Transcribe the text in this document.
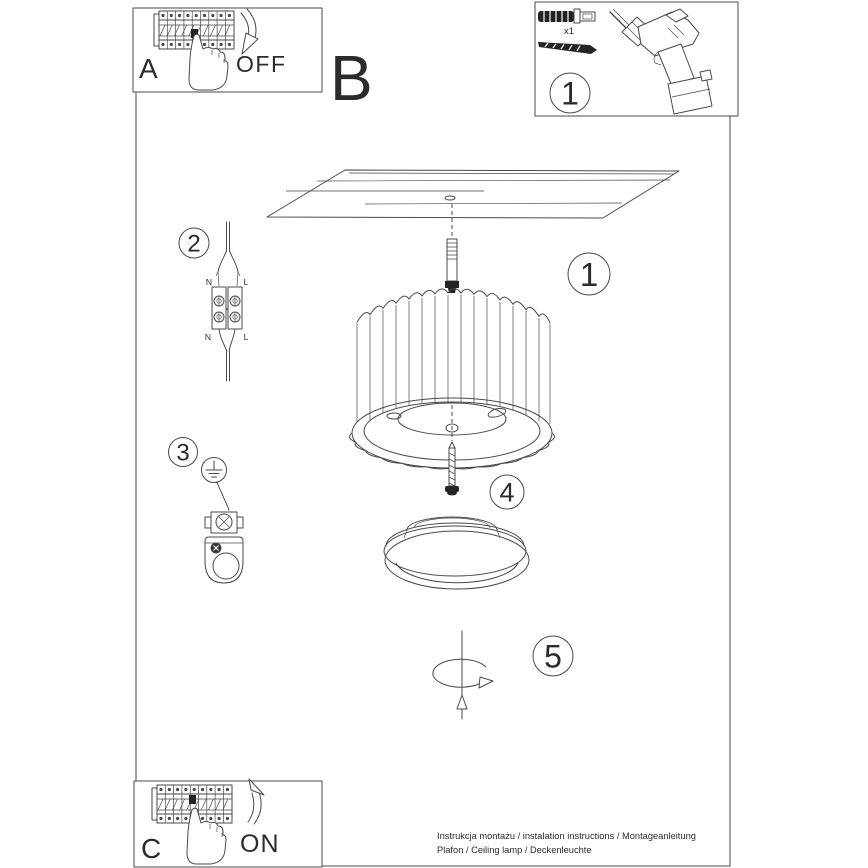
A	OFF B
x1
1
1
4
2
N	L
N	L
3
5
C	ON	Instrukcja montażu / instalation instructions / Montageanleitung
Plafon / Ceiling lamp / Deckenleuchte
